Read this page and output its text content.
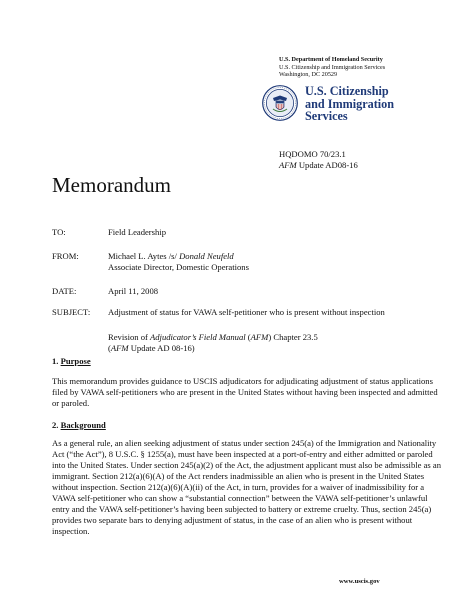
U.S. Department of Homeland Security
U.S. Citizenship and Immigration Services
Washington, DC 20529
U.S. Citizenship
and Immigration
Services
HQDOMO 70/23.1
AFM Update AD08-16
Memorandum
TO:	Field Leadership
FROM:	Michael L. Aytes /s/ Donald Neufeld
Associate Director, Domestic Operations
DATE:	April 11, 2008
SUBJECT: Adjustment of status for VAWA self-petitioner who is present without inspection
Revision of Adjudicator’s Field Manual (AFM) Chapter 23.5
(AFM Update AD 08-16)
1. Purpose
This memorandum provides guidance to USCIS adjudicators for adjudicating adjustment of status applications filed by VAWA self-petitioners who are present in the United States without having been inspected and admitted or paroled.
2. Background
As a general rule, an alien seeking adjustment of status under section 245(a) of the Immigration and Nationality Act (“the Act”), 8 U.S.C. § 1255(a), must have been inspected at a port-of-entry and either admitted or paroled into the United States. Under section 245(a)(2) of the Act, the adjustment applicant must also be admissible as an immigrant. Section 212(a)(6)(A) of the Act renders inadmissible an alien who is present in the United States without inspection. Section 212(a)(6)(A)(ii) of the Act, in turn, provides for a waiver of inadmissibility for a VAWA self-petitioner who can show a “substantial connection” between the VAWA self-petitioner’s unlawful entry and the VAWA self-petitioner’s having been subjected to battery or extreme cruelty. Thus, section 245(a) provides two separate bars to denying adjustment of status, in the case of an alien who is present without inspection.
www.uscis.gov
